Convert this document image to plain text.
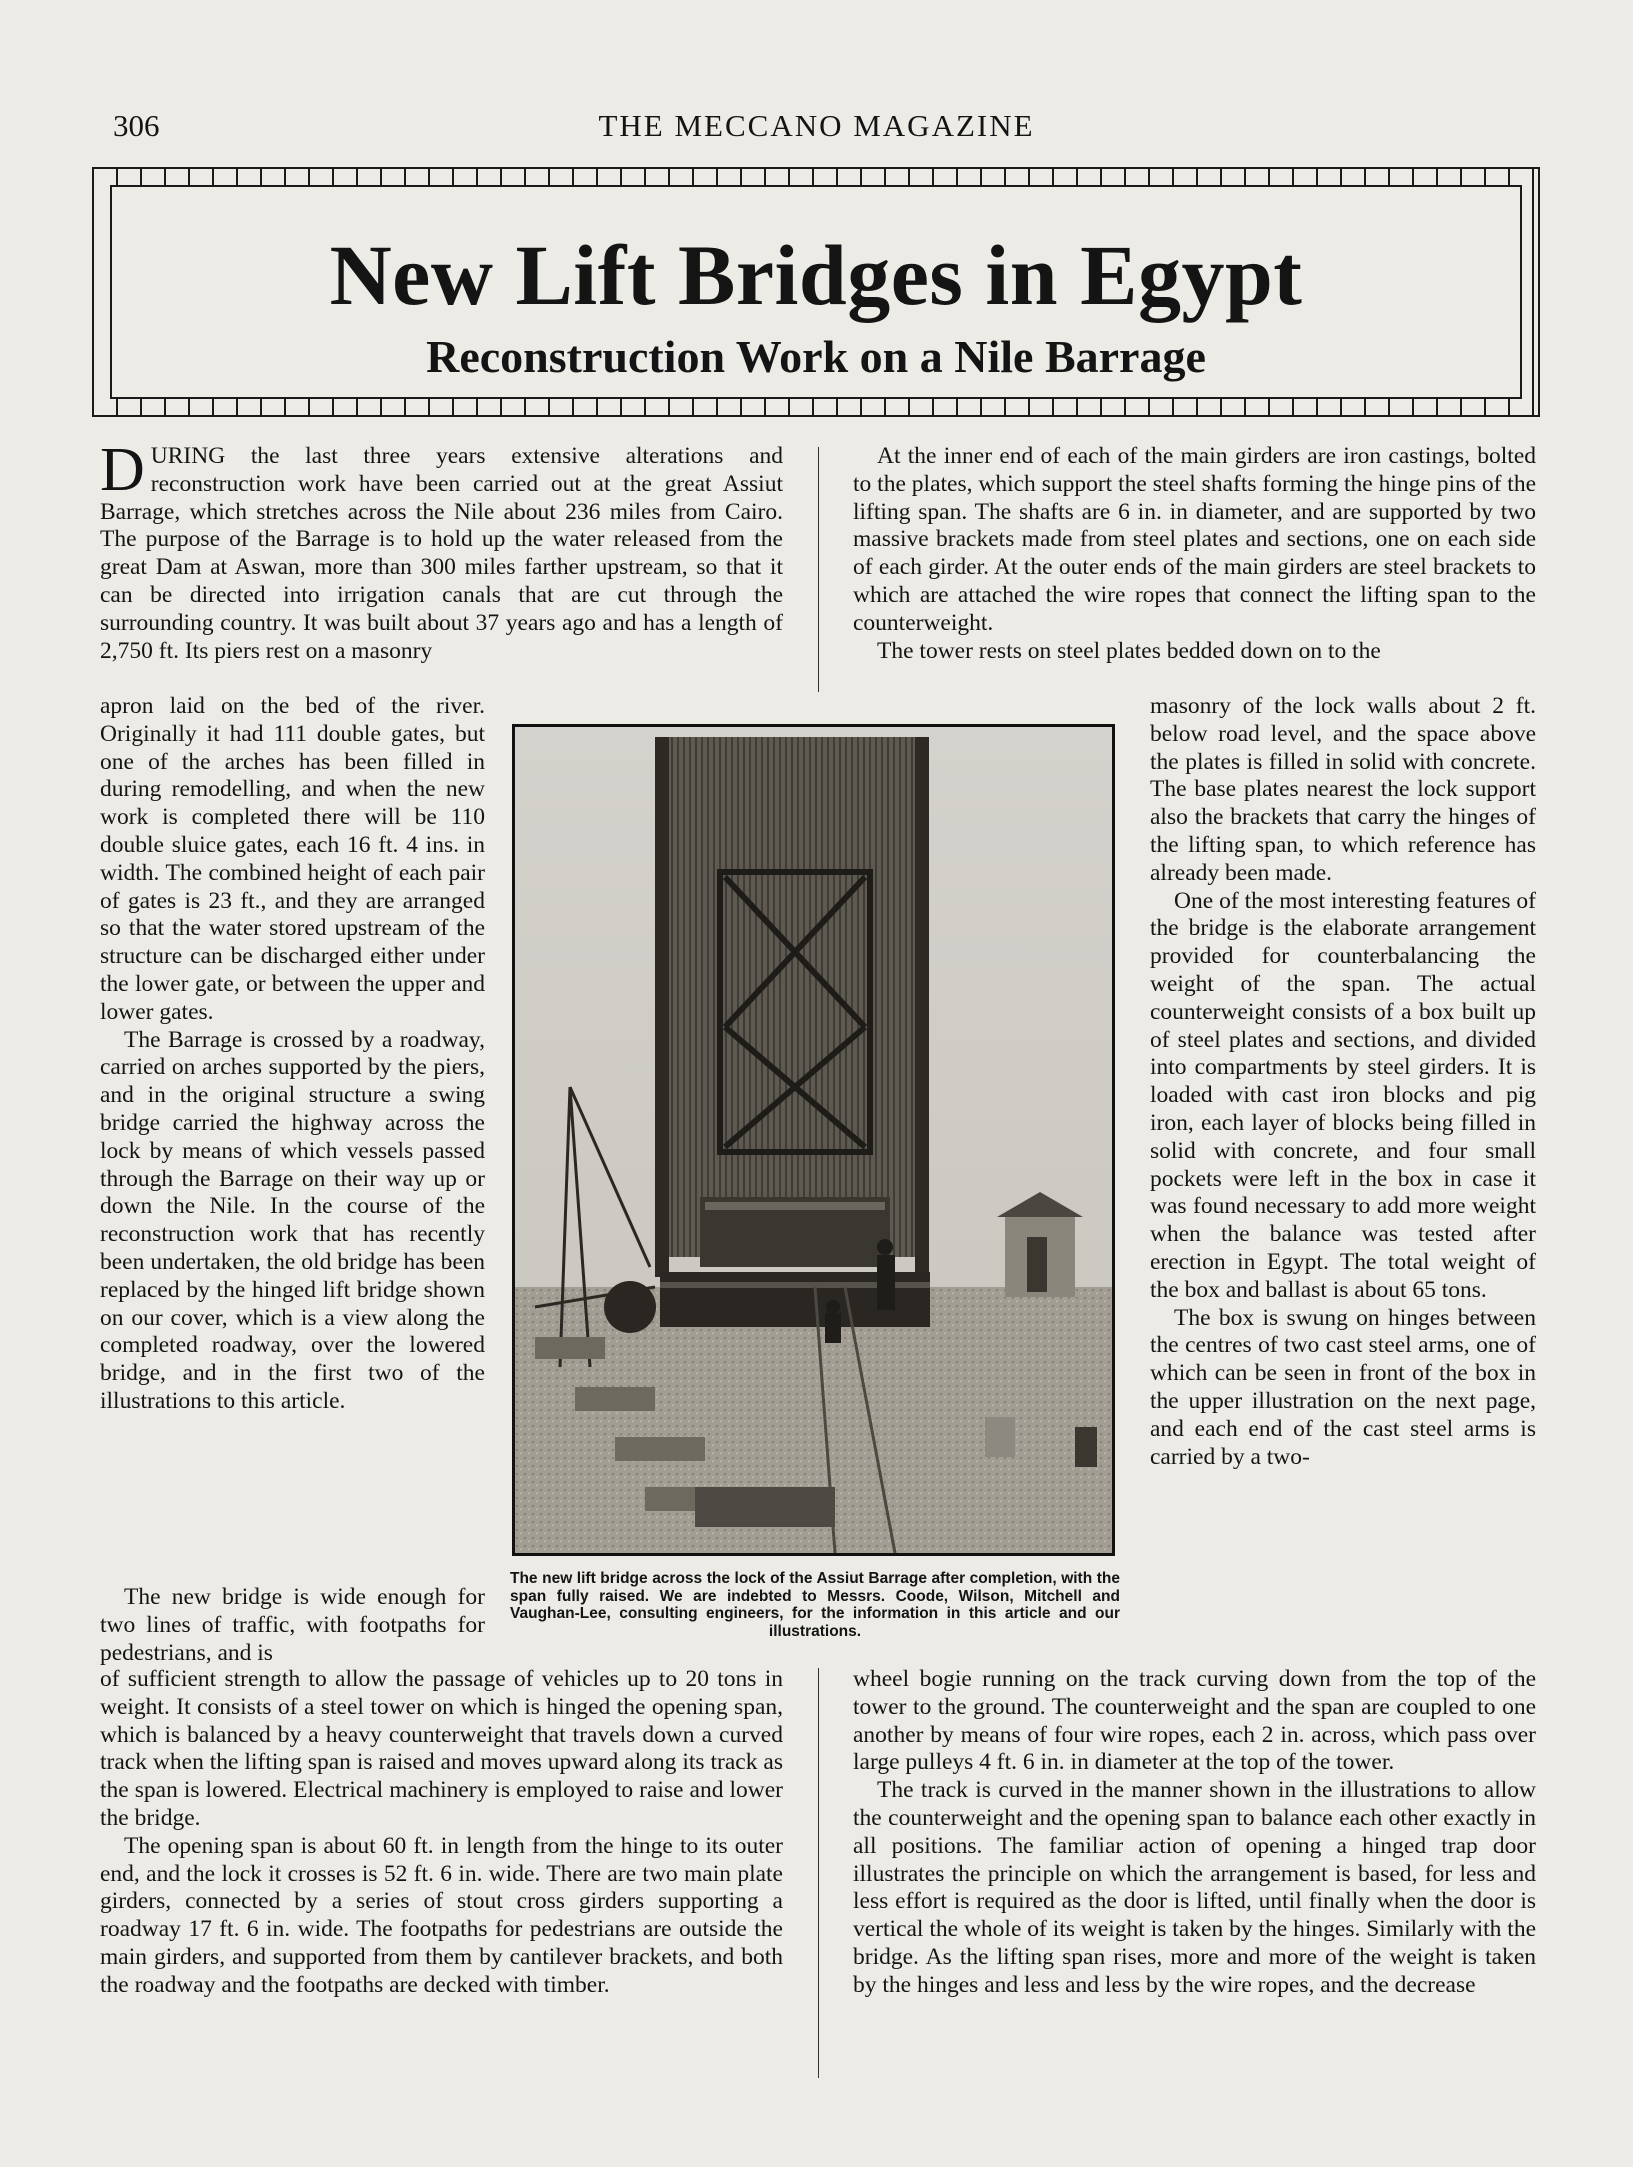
306	THE MECCANO MAGAZINE
New Lift Bridges in Egypt
Reconstruction Work on a Nile Barrage

DURING the last three years extensive alterations and reconstruction work have been carried out at the great Assiut Barrage, which stretches across the Nile about 236 miles from Cairo. The purpose of the Barrage is to hold up the water released from the great Dam at Aswan, more than 300 miles farther upstream, so that it can be directed into irrigation canals that are cut through the surrounding country. It was built about 37 years ago and has a length of 2,750 ft. Its piers rest on a masonry

apron laid on the bed of the river. Originally it had 111 double gates, but one of the arches has been filled in during remodelling, and when the new work is completed there will be 110 double sluice gates, each 16 ft. 4 ins. in width. The combined height of each pair of gates is 23 ft., and they are arranged so that the water stored upstream of the structure can be discharged either under the lower gate, or between the upper and lower gates.

The Barrage is crossed by a roadway, carried on arches supported by the piers, and in the original structure a swing bridge carried the highway across the lock by means of which vessels passed through the Barrage on their way up or down the Nile. In the course of the reconstruction work that has recently been undertaken, the old bridge has been replaced by the hinged lift bridge shown on our cover, which is a view along the completed roadway, over the lowered bridge, and in the first two of the illustrations to this article.

The new bridge is wide enough for two lines of traffic, with footpaths for pedestrians, and is

of sufficient strength to allow the passage of vehicles up to 20 tons in weight. It consists of a steel tower on which is hinged the opening span, which is balanced by a heavy counterweight that travels down a curved track when the lifting span is raised and moves upward along its track as the span is lowered. Electrical machinery is employed to raise and lower the bridge.

The opening span is about 60 ft. in length from the hinge to its outer end, and the lock it crosses is 52 ft. 6 in. wide. There are two main plate girders, connected by a series of stout cross girders supporting a roadway 17 ft. 6 in. wide. The footpaths for pedestrians are outside the main girders, and supported from them by cantilever brackets, and both the roadway and the footpaths are decked with timber.

At the inner end of each of the main girders are iron castings, bolted to the plates, which support the steel shafts forming the hinge pins of the lifting span. The shafts are 6 in. in diameter, and are supported by two massive brackets made from steel plates and sections, one on each side of each girder. At the outer ends of the main girders are steel brackets to which are attached the wire ropes that connect the lifting span to the counterweight.

The tower rests on steel plates bedded down on to the

masonry of the lock walls about 2 ft. below road level, and the space above the plates is filled in solid with concrete. The base plates nearest the lock support also the brackets that carry the hinges of the lifting span, to which reference has already been made.

One of the most interesting features of the bridge is the elaborate arrangement provided for counterbalancing the weight of the span. The actual counterweight consists of a box built up of steel plates and sections, and divided into compartments by steel girders. It is loaded with cast iron blocks and pig iron, each layer of blocks being filled in solid with concrete, and four small pockets were left in the box in case it was found necessary to add more weight when the balance was tested after erection in Egypt. The total weight of the box and ballast is about 65 tons.

The box is swung on hinges between the centres of two cast steel arms, one of which can be seen in front of the box in the upper illustration on the next page, and each end of the cast steel arms is carried by a two-

wheel bogie running on the track curving down from the top of the tower to the ground. The counterweight and the span are coupled to one another by means of four wire ropes, each 2 in. across, which pass over large pulleys 4 ft. 6 in. in diameter at the top of the tower.

The track is curved in the manner shown in the illustrations to allow the counterweight and the opening span to balance each other exactly in all positions. The familiar action of opening a hinged trap door illustrates the principle on which the arrangement is based, for less and less effort is required as the door is lifted, until finally when the door is vertical the whole of its weight is taken by the hinges. Similarly with the bridge. As the lifting span rises, more and more of the weight is taken by the hinges and less and less by the wire ropes, and the decrease

The new lift bridge across the lock of the Assiut Barrage after completion, with the span fully raised. We are indebted to Messrs. Coode, Wilson, Mitchell and Vaughan-Lee, consulting engineers, for the information in this article and our illustrations.
